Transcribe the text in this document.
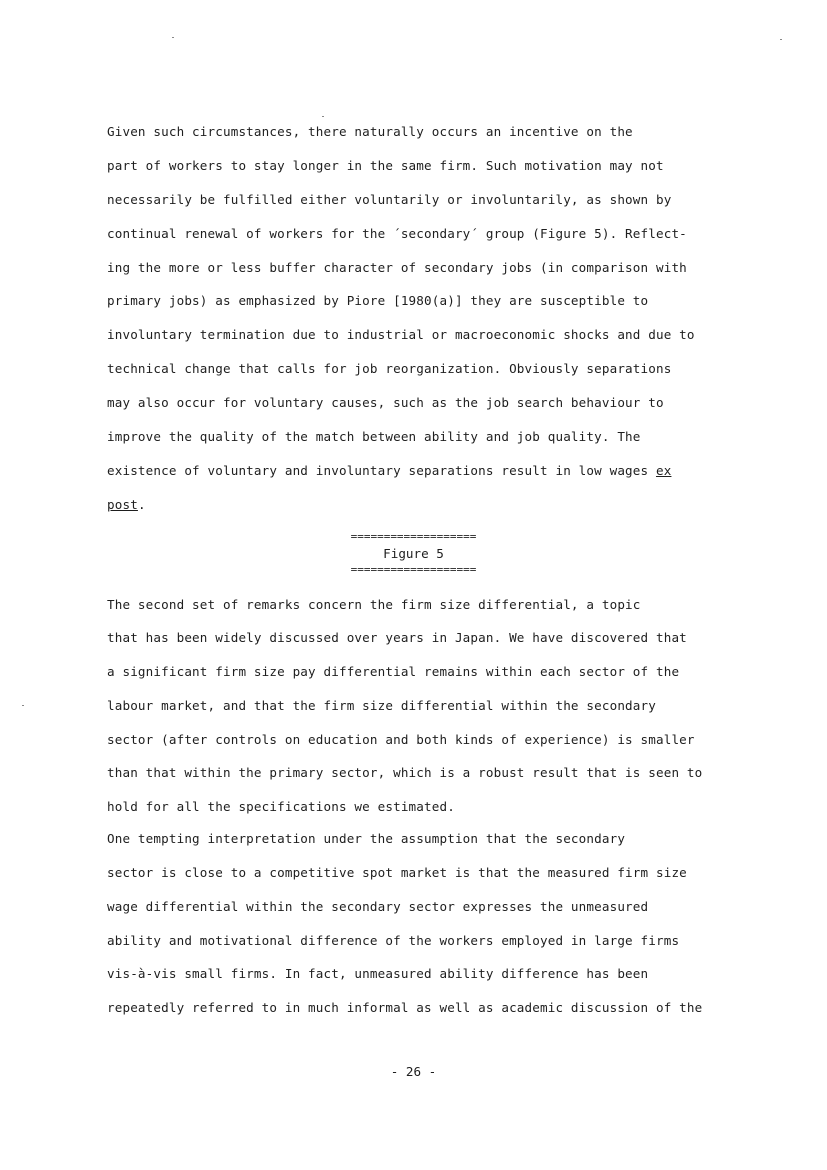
Given such circumstances, there naturally occurs an incentive on the
part of workers to stay longer in the same firm. Such motivation may not
necessarily be fulfilled either voluntarily or involuntarily, as shown by
continual renewal of workers for the ´secondary´ group (Figure 5). Reflect-
ing the more or less buffer character of secondary jobs (in comparison with
primary jobs) as emphasized by Piore [1980(a)] they are susceptible to
involuntary termination due to industrial or macroeconomic shocks and due to
technical change that calls for job reorganization. Obviously separations
may also occur for voluntary causes, such as the job search behaviour to
improve the quality of the match between ability and job quality. The
existence of voluntary and involuntary separations result in low wages ex
post.
===================
Figure 5
===================
The second set of remarks concern the firm size differential, a topic
that has been widely discussed over years in Japan. We have discovered that
a significant firm size pay differential remains within each sector of the
labour market, and that the firm size differential within the secondary
sector (after controls on education and both kinds of experience) is smaller
than that within the primary sector, which is a robust result that is seen to
hold for all the specifications we estimated.
One tempting interpretation under the assumption that the secondary
sector is close to a competitive spot market is that the measured firm size
wage differential within the secondary sector expresses the unmeasured
ability and motivational difference of the workers employed in large firms
vis-à-vis small firms. In fact, unmeasured ability difference has been
repeatedly referred to in much informal as well as academic discussion of the
- 26 -
